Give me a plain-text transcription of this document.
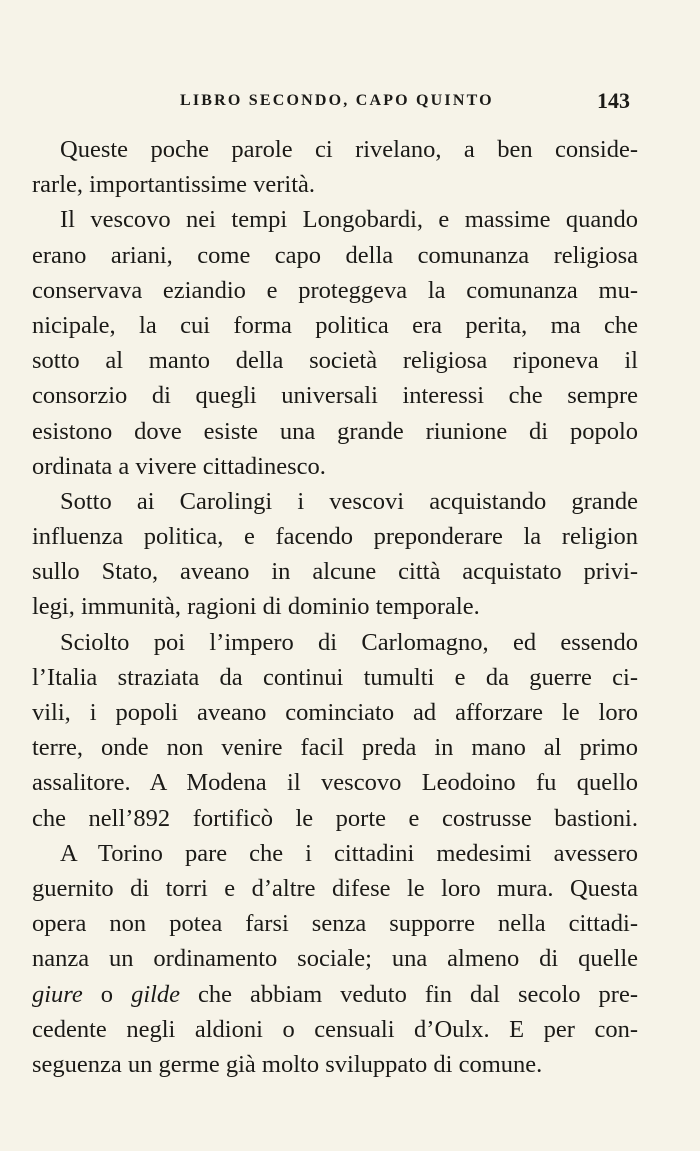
LIBRO SECONDO, CAPO QUINTO	143
Queste poche parole ci rivelano, a ben conside-
rarle, importantissime verità.
Il vescovo nei tempi Longobardi, e massime quando
erano ariani, come capo della comunanza religiosa
conservava eziandio e proteggeva la comunanza mu-
nicipale, la cui forma politica era perita, ma che
sotto al manto della società religiosa riponeva il
consorzio di quegli universali interessi che sempre
esistono dove esiste una grande riunione di popolo
ordinata a vivere cittadinesco.
Sotto ai Carolingi i vescovi acquistando grande
influenza politica, e facendo preponderare la religion
sullo Stato, aveano in alcune città acquistato privi-
legi, immunità, ragioni di dominio temporale.
Sciolto poi l’impero di Carlomagno, ed essendo
l’Italia straziata da continui tumulti e da guerre ci-
vili, i popoli aveano cominciato ad afforzare le loro
terre, onde non venire facil preda in mano al primo
assalitore. A Modena il vescovo Leodoino fu quello
che nell’892 fortificò le porte e costrusse bastioni.
A Torino pare che i cittadini medesimi avessero
guernito di torri e d’altre difese le loro mura. Questa
opera non potea farsi senza supporre nella cittadi-
nanza un ordinamento sociale; una almeno di quelle
giure o gilde che abbiam veduto fin dal secolo pre-
cedente negli aldioni o censuali d’Oulx. E per con-
seguenza un germe già molto sviluppato di comune.
